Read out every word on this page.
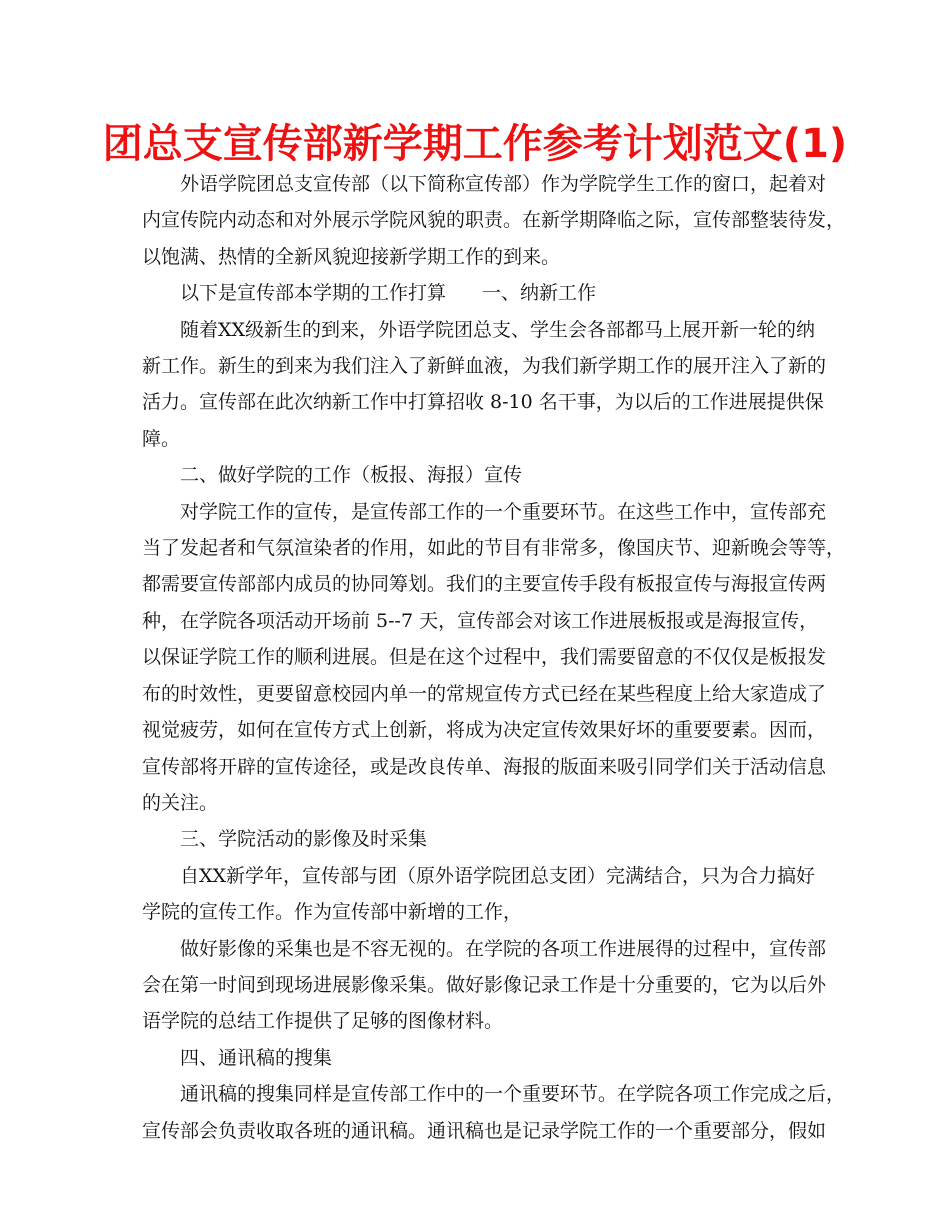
团总支宣传部新学期工作参考计划范文(1)

外语学院团总支宣传部（以下简称宣传部）作为学院学生工作的窗口，起着对
内宣传院内动态和对外展示学院风貌的职责。在新学期降临之际，宣传部整装待发，
以饱满、热情的全新风貌迎接新学期工作的到来。

以下是宣传部本学期的工作打算 一、纳新工作

随着XX级新生的到来，外语学院团总支、学生会各部都马上展开新一轮的纳
新工作。新生的到来为我们注入了新鲜血液，为我们新学期工作的展开注入了新的
活力。宣传部在此次纳新工作中打算招收 8-10 名干事，为以后的工作进展提供保
障。

二、做好学院的工作（板报、海报）宣传

对学院工作的宣传，是宣传部工作的一个重要环节。在这些工作中，宣传部充
当了发起者和气氛渲染者的作用，如此的节目有非常多，像国庆节、迎新晚会等等，
都需要宣传部部内成员的协同筹划。我们的主要宣传手段有板报宣传与海报宣传两
种，在学院各项活动开场前 5--7 天，宣传部会对该工作进展板报或是海报宣传，
以保证学院工作的顺利进展。但是在这个过程中，我们需要留意的不仅仅是板报发
布的时效性，更要留意校园内单一的常规宣传方式已经在某些程度上给大家造成了
视觉疲劳，如何在宣传方式上创新，将成为决定宣传效果好坏的重要要素。因而，
宣传部将开辟的宣传途径，或是改良传单、海报的版面来吸引同学们关于活动信息
的关注。

三、学院活动的影像及时采集

自XX新学年，宣传部与团（原外语学院团总支团）完满结合，只为合力搞好
学院的宣传工作。作为宣传部中新增的工作，

做好影像的采集也是不容无视的。在学院的各项工作进展得的过程中，宣传部
会在第一时间到现场进展影像采集。做好影像记录工作是十分重要的，它为以后外
语学院的总结工作提供了足够的图像材料。

四、通讯稿的搜集

通讯稿的搜集同样是宣传部工作中的一个重要环节。在学院各项工作完成之后，
宣传部会负责收取各班的通讯稿。通讯稿也是记录学院工作的一个重要部分，假如
